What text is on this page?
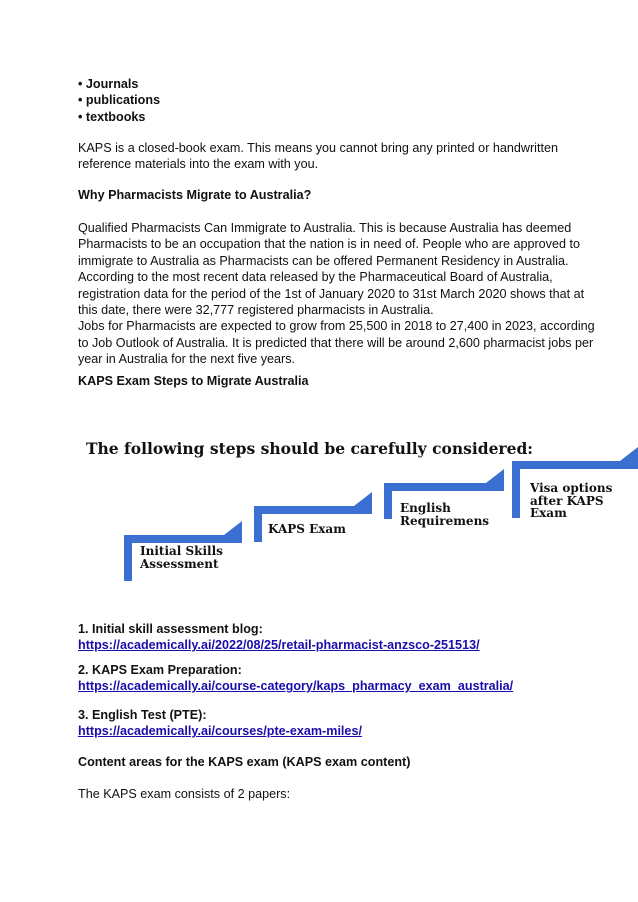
• Journals
• publications
• textbooks

KAPS is a closed-book exam. This means you cannot bring any printed or handwritten
reference materials into the exam with you.

Why Pharmacists Migrate to Australia?

Qualified Pharmacists Can Immigrate to Australia. This is because Australia has deemed
Pharmacists to be an occupation that the nation is in need of. People who are approved to
immigrate to Australia as Pharmacists can be offered Permanent Residency in Australia.
According to the most recent data released by the Pharmaceutical Board of Australia,
registration data for the period of the 1st of January 2020 to 31st March 2020 shows that at
this date, there were 32,777 registered pharmacists in Australia.
Jobs for Pharmacists are expected to grow from 25,500 in 2018 to 27,400 in 2023, according
to Job Outlook of Australia. It is predicted that there will be around 2,600 pharmacist jobs per
year in Australia for the next five years.

KAPS Exam Steps to Migrate Australia

The following steps should be carefully considered:
Initial Skills
Assessment
KAPS Exam
English
Requiremens
Visa options
after KAPS
Exam
1. Initial skill assessment blog:
https://academically.ai/2022/08/25/retail-pharmacist-anzsco-251513/
2. KAPS Exam Preparation:
https://academically.ai/course-category/kaps_pharmacy_exam_australia/
3. English Test (PTE):
https://academically.ai/courses/pte-exam-miles/

Content areas for the KAPS exam (KAPS exam content)

The KAPS exam consists of 2 papers:
